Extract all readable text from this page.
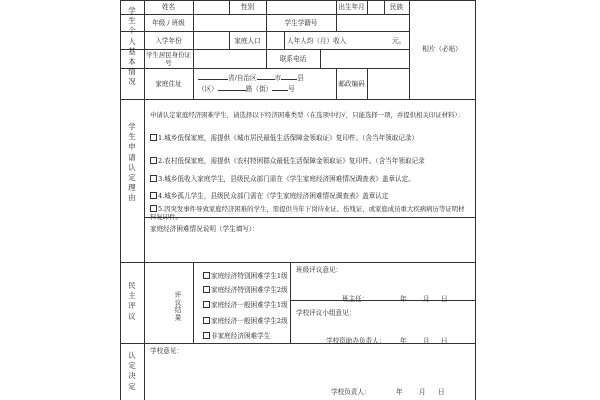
学生个人基本情况
学生申请认定理由
民主评议
认定决定
姓名	性别	出生年月	民族
年级 / 班级	学生学籍号
入学年份	家庭人口	人年人均（月）收入	元。
学生居民身份证号	联系电话
相片（必贴）
家庭住址
省/自治区	市 县
（区）	路（街） 号
邮政编码
申请认定家庭经济困难学生，请选择以下经济困难类型（在选项中打√，只能选择一项，并提供相关印证材料）：
1.城乡低保家庭，需提供《城市居民最低生活保障金领取证》复印件。（含当年领取记录）
2.农村低保家庭，需提供《农村特困群众最低生活保障金领取证》复印件。（含当年领取记录
3.城乡低收入家庭学生，县级民众部门需在《学生家庭经济困难情况调查表》盖章认定。
4.城乡孤儿学生，县级民众部门需在《学生家庭经济困难情况调查表》盖章认定
5.因突发事件导致家庭经济困难的学生，需提供当年下岗待业证、伤残证、或家庭成员重大疾病病历等证明材料复印件。
家庭经济困难情况说明（学生填写）：
评议结果
家庭经济特别困难学生1级
家庭经济特别困难学生2级
家庭经济一般困难学生1级
家庭经济一般困难学生2级
非家庭经济困难学生
班级评议意见：
班主任：	年 月 日
学校评议小组意见：
学校资助办负责人： 年 月 日
学校意见：
学校负责人：	年 月 日
